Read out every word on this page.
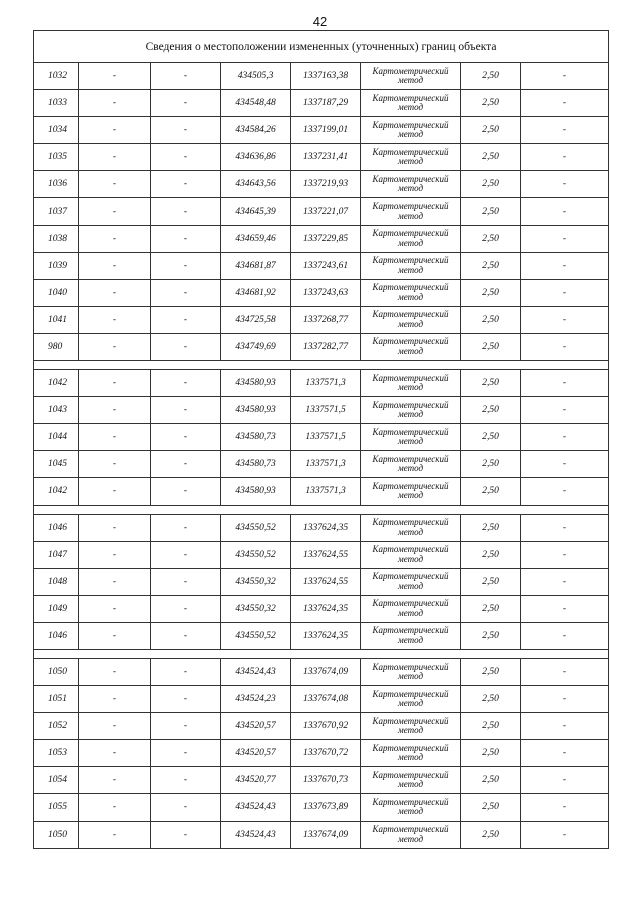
42
Сведения о местоположении измененных (уточненных) границ объекта							
1032	-	-	434505,3	1337163,38	Картометрический метод	2,50	-
1033	-	-	434548,48	1337187,29	Картометрический метод	2,50	-
1034	-	-	434584,26	1337199,01	Картометрический метод	2,50	-
1035	-	-	434636,86	1337231,41	Картометрический метод	2,50	-
1036	-	-	434643,56	1337219,93	Картометрический метод	2,50	-
1037	-	-	434645,39	1337221,07	Картометрический метод	2,50	-
1038	-	-	434659,46	1337229,85	Картометрический метод	2,50	-
1039	-	-	434681,87	1337243,61	Картометрический метод	2,50	-
1040	-	-	434681,92	1337243,63	Картометрический метод	2,50	-
1041	-	-	434725,58	1337268,77	Картометрический метод	2,50	-
980	-	-	434749,69	1337282,77	Картометрический метод	2,50	-

1042	-	-	434580,93	1337571,3	Картометрический метод	2,50	-
1043	-	-	434580,93	1337571,5	Картометрический метод	2,50	-
1044	-	-	434580,73	1337571,5	Картометрический метод	2,50	-
1045	-	-	434580,73	1337571,3	Картометрический метод	2,50	-
1042	-	-	434580,93	1337571,3	Картометрический метод	2,50	-

1046	-	-	434550,52	1337624,35	Картометрический метод	2,50	-
1047	-	-	434550,52	1337624,55	Картометрический метод	2,50	-
1048	-	-	434550,32	1337624,55	Картометрический метод	2,50	-
1049	-	-	434550,32	1337624,35	Картометрический метод	2,50	-
1046	-	-	434550,52	1337624,35	Картометрический метод	2,50	-

1050	-	-	434524,43	1337674,09	Картометрический метод	2,50	-
1051	-	-	434524,23	1337674,08	Картометрический метод	2,50	-
1052	-	-	434520,57	1337670,92	Картометрический метод	2,50	-
1053	-	-	434520,57	1337670,72	Картометрический метод	2,50	-
1054	-	-	434520,77	1337670,73	Картометрический метод	2,50	-
1055	-	-	434524,43	1337673,89	Картометрический метод	2,50	-
1050	-	-	434524,43	1337674,09	Картометрический метод	2,50	-
